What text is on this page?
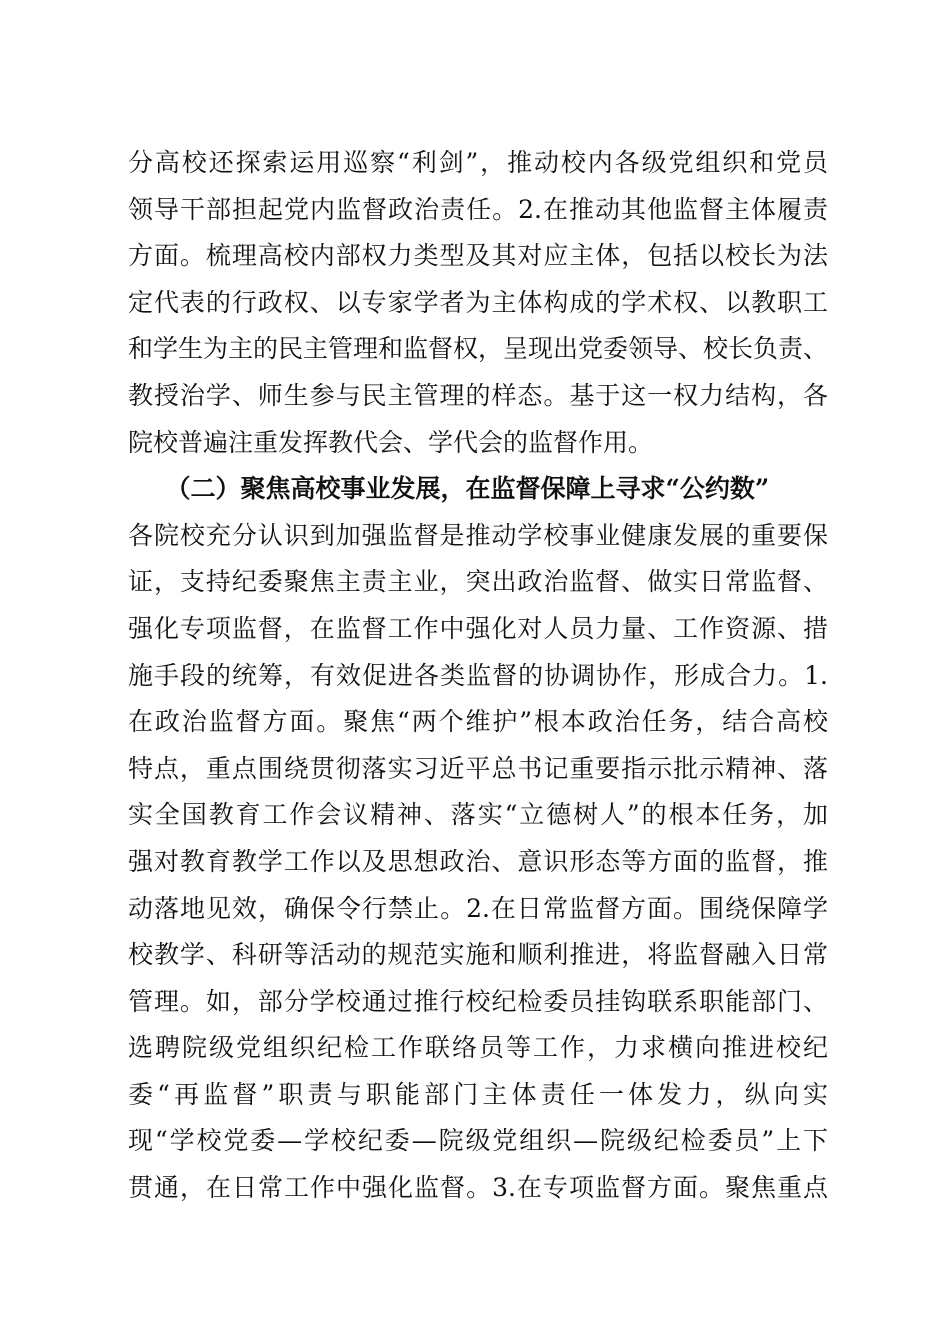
分高校还探索运用巡察“利剑”，推动校内各级党组织和党员
领导干部担起党内监督政治责任。2.在推动其他监督主体履责
方面。梳理高校内部权力类型及其对应主体，包括以校长为法
定代表的行政权、以专家学者为主体构成的学术权、以教职工
和学生为主的民主管理和监督权，呈现出党委领导、校长负责、
教授治学、师生参与民主管理的样态。基于这一权力结构，各
院校普遍注重发挥教代会、学代会的监督作用。
　　（二）聚焦高校事业发展，在监督保障上寻求“公约数”
各院校充分认识到加强监督是推动学校事业健康发展的重要保
证，支持纪委聚焦主责主业，突出政治监督、做实日常监督、
强化专项监督，在监督工作中强化对人员力量、工作资源、措
施手段的统筹，有效促进各类监督的协调协作，形成合力。1.
在政治监督方面。聚焦“两个维护”根本政治任务，结合高校
特点，重点围绕贯彻落实习近平总书记重要指示批示精神、落
实全国教育工作会议精神、落实“立德树人”的根本任务，加
强对教育教学工作以及思想政治、意识形态等方面的监督，推
动落地见效，确保令行禁止。2.在日常监督方面。围绕保障学
校教学、科研等活动的规范实施和顺利推进，将监督融入日常
管理。如，部分学校通过推行校纪检委员挂钩联系职能部门、
选聘院级党组织纪检工作联络员等工作，力求横向推进校纪
委“再监督”职责与职能部门主体责任一体发力，纵向实
现“学校党委—学校纪委—院级党组织—院级纪检委员”上下
贯通，在日常工作中强化监督。3.在专项监督方面。聚焦重点
